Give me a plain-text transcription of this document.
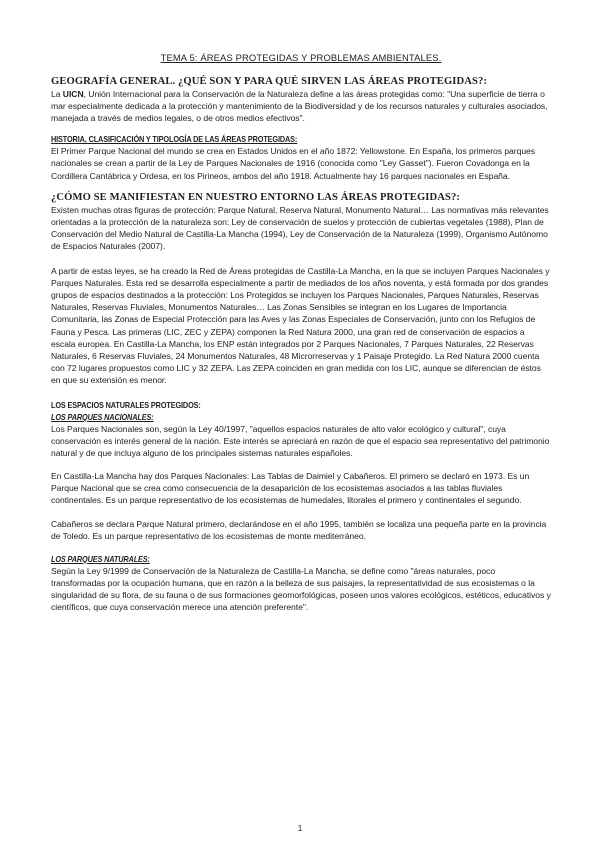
TEMA 5: ÁREAS PROTEGIDAS Y PROBLEMAS AMBIENTALES.
GEOGRAFÍA GENERAL. ¿QUÉ SON Y PARA QUÉ SIRVEN LAS ÁREAS PROTEGIDAS?:

La UICN, Unión Internacional para la Conservación de la Naturaleza define a las áreas protegidas como: "Una superficie de tierra o mar especialmente dedicada a la protección y mantenimiento de la Biodiversidad y de los recursos naturales y culturales asociados, manejada a través de medios legales, o de otros medios efectivos".

HISTORIA, CLASIFICACIÓN Y TIPOLOGÍA DE LAS ÁREAS PROTEGIDAS:

El Primer Parque Nacional del mundo se crea en Estados Unidos en el año 1872: Yellowstone. En España, los primeros parques nacionales se crean a partir de la Ley de Parques Nacionales de 1916 (conocida como "Ley Gasset"). Fueron Covadonga en la Cordillera Cantábrica y Ordesa, en los Pirineos, ambos del año 1918. Actualmente hay 16 parques nacionales en España.

¿CÓMO SE MANIFIESTAN EN NUESTRO ENTORNO LAS ÁREAS PROTEGIDAS?:

Existen muchas otras figuras de protección: Parque Natural, Reserva Natural, Monumento Natural… Las normativas más relevantes orientadas a la protección de la naturaleza son: Ley de conservación de suelos y protección de cubiertas vegetales (1988), Plan de Conservación del Medio Natural de Castilla-La Mancha (1994), Ley de Conservación de la Naturaleza (1999), Organismo Autónomo de Espacios Naturales (2007).

A partir de estas leyes, se ha creado la Red de Áreas protegidas de Castilla-La Mancha, en la que se incluyen Parques Nacionales y Parques Naturales. Esta red se desarrolla especialmente a partir de mediados de los años noventa, y está formada por dos grandes grupos de espacios destinados a la protección: Los Protegidos se incluyen los Parques Nacionales, Parques Naturales, Reservas Naturales, Reservas Fluviales, Monumentos Naturales… Las Zonas Sensibles se integran en los Lugares de Importancia Comunitaria, las Zonas de Especial Protección para las Aves y las Zonas Especiales de Conservación, junto con los Refugios de Fauna y Pesca. Las primeras (LIC, ZEC y ZEPA) componen la Red Natura 2000, una gran red de conservación de espacios a escala europea. En Castilla-La Mancha, los ENP están integrados por 2 Parques Nacionales, 7 Parques Naturales, 22 Reservas Naturales, 6 Reservas Fluviales, 24 Monumentos Naturales, 48 Microrreservas y 1 Paisaje Protegido. La Red Natura 2000 cuenta con 72 lugares propuestos como LIC y 32 ZEPA. Las ZEPA coinciden en gran medida con los LIC, aunque se diferencian de éstos en que su extensión es menor.

LOS ESPACIOS NATURALES PROTEGIDOS:
LOS PARQUES NACIONALES:

Los Parques Nacionales son, según la Ley 40/1997, "aquellos espacios naturales de alto valor ecológico y cultural", cuya conservación es interés general de la nación. Este interés se apreciará en razón de que el espacio sea representativo del patrimonio natural y de que incluya alguno de los principales sistemas naturales españoles.

En Castilla-La Mancha hay dos Parques Nacionales: Las Tablas de Daimiel y Cabañeros. El primero se declaró en 1973. Es un Parque Nacional que se crea como consecuencia de la desaparición de los ecosistemas asociados a las tablas fluviales continentales. Es un parque representativo de los ecosistemas de humedales, litorales el primero y continentales el segundo.

Cabañeros se declara Parque Natural primero, declarándose en el año 1995, también se localiza una pequeña parte en la provincia de Toledo. Es un parque representativo de los ecosistemas de monte mediterráneo.

LOS PARQUES NATURALES:

Según la Ley 9/1999 de Conservación de la Naturaleza de Castilla-La Mancha, se define como "áreas naturales, poco transformadas por la ocupación humana, que en razón a la belleza de sus paisajes, la representatividad de sus ecosistemas o la singularidad de su flora, de su fauna o de sus formaciones geomorfológicas, poseen unos valores ecológicos, estéticos, educativos y científicos, que cuya conservación merece una atención preferente".

1
